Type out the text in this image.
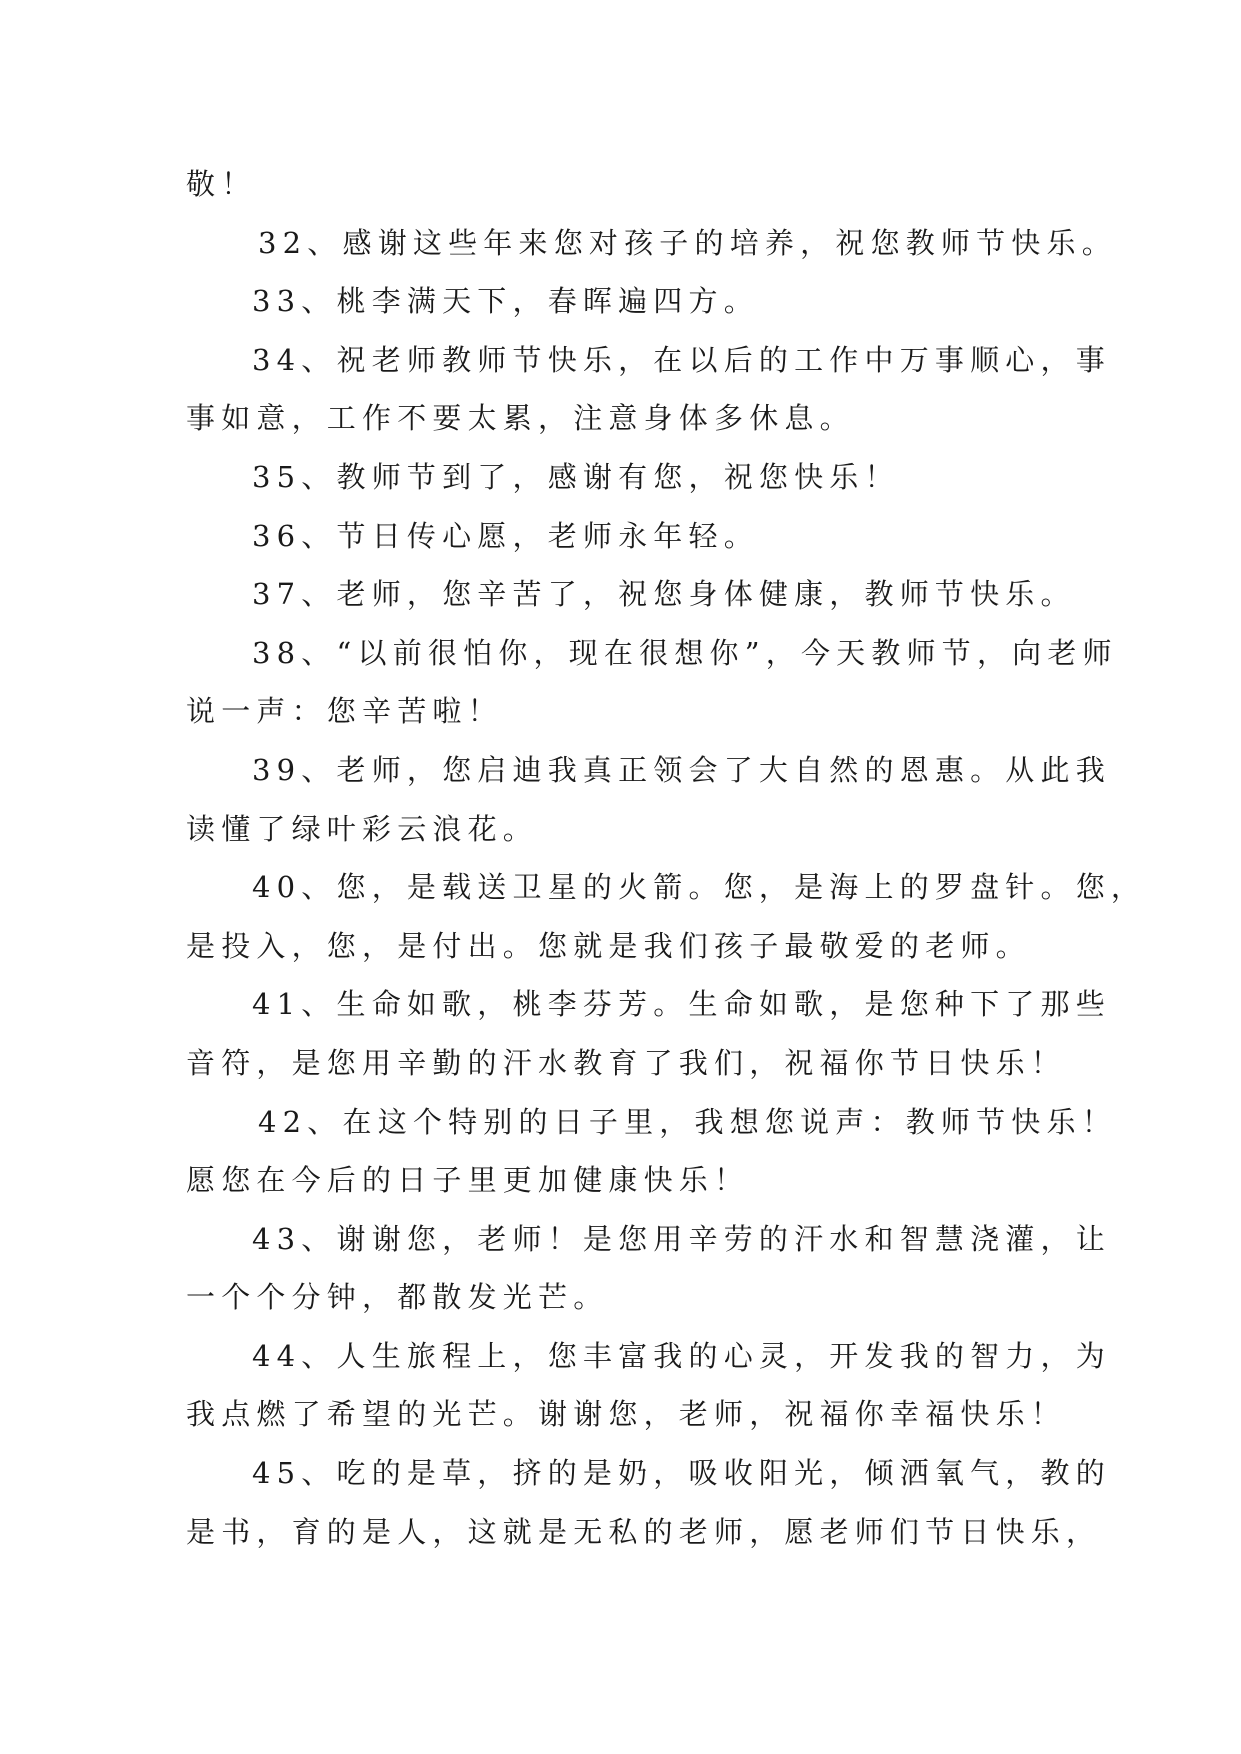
敬！
32、感谢这些年来您对孩子的培养，祝您教师节快乐。
33、桃李满天下，春晖遍四方。
34、祝老师教师节快乐，在以后的工作中万事顺心，事
事如意，工作不要太累，注意身体多休息。
35、教师节到了，感谢有您，祝您快乐！
36、节日传心愿，老师永年轻。
37、老师，您辛苦了，祝您身体健康，教师节快乐。
38、“以前很怕你，现在很想你”，今天教师节，向老师
说一声：您辛苦啦！
39、老师，您启迪我真正领会了大自然的恩惠。从此我
读懂了绿叶彩云浪花。
40、您，是载送卫星的火箭。您，是海上的罗盘针。您，
是投入，您，是付出。您就是我们孩子最敬爱的老师。
41、生命如歌，桃李芬芳。生命如歌，是您种下了那些
音符，是您用辛勤的汗水教育了我们，祝福你节日快乐！
42、在这个特别的日子里，我想您说声：教师节快乐！
愿您在今后的日子里更加健康快乐！
43、谢谢您，老师！是您用辛劳的汗水和智慧浇灌，让
一个个分钟，都散发光芒。
44、人生旅程上，您丰富我的心灵，开发我的智力，为
我点燃了希望的光芒。谢谢您，老师，祝福你幸福快乐！
45、吃的是草，挤的是奶，吸收阳光，倾洒氧气，教的
是书，育的是人，这就是无私的老师，愿老师们节日快乐，
